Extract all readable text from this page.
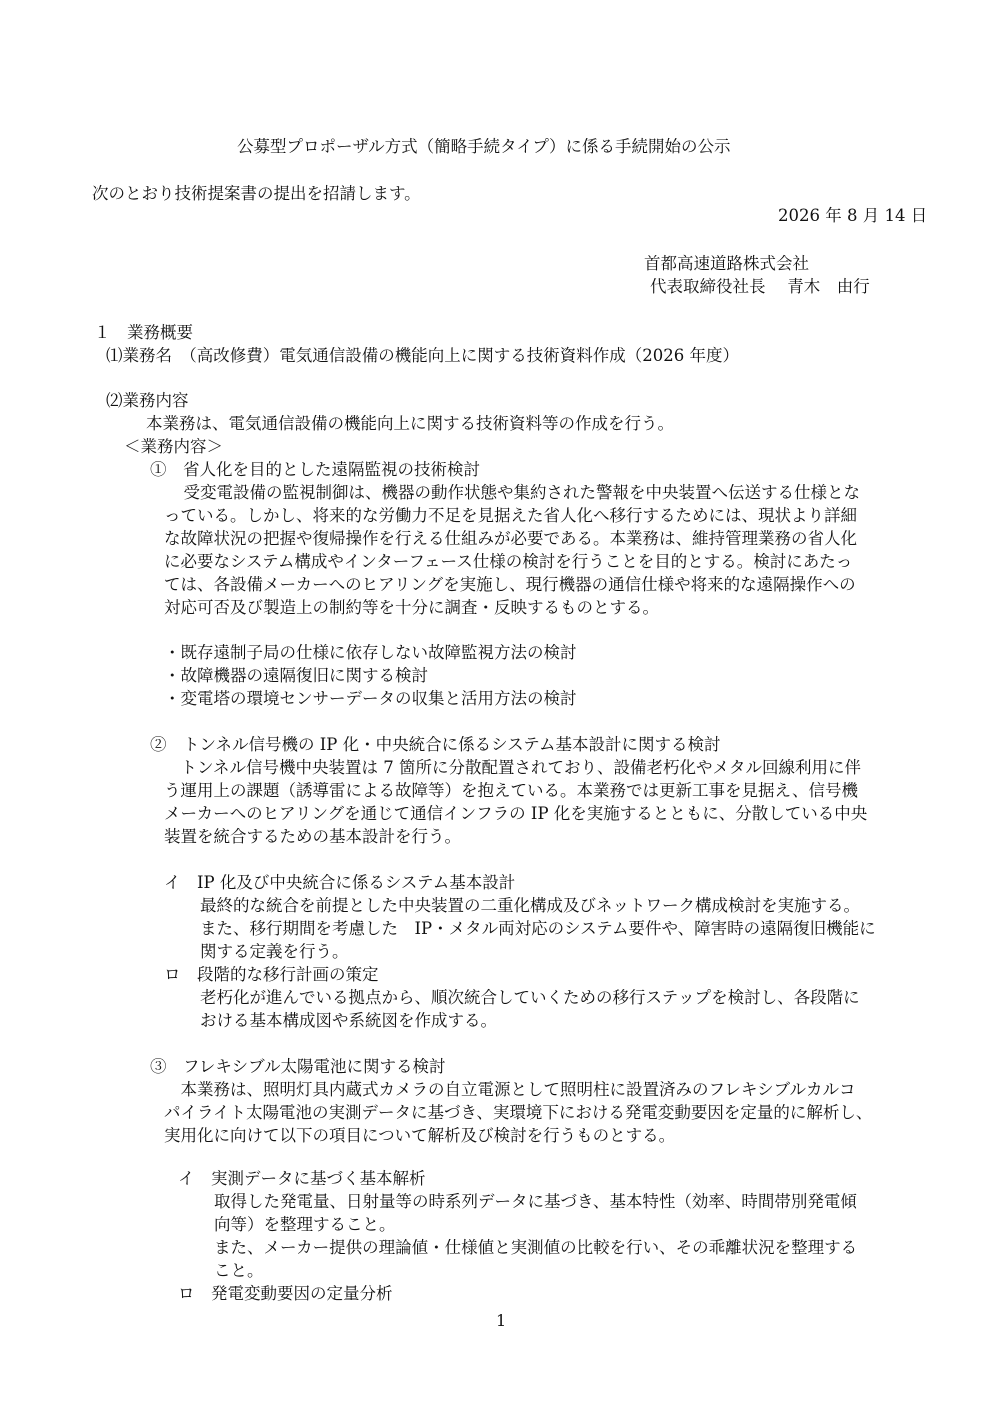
公募型プロポーザル方式（簡略手続タイプ）に係る手続開始の公示
次のとおり技術提案書の提出を招請します。
2026 年 8 月 14 日
首都高速道路株式会社
代表取締役社長　 青木　由行
１　業務概要
⑴業務名　（高改修費）電気通信設備の機能向上に関する技術資料作成（2026 年度）
⑵業務内容
本業務は、電気通信設備の機能向上に関する技術資料等の作成を行う。
＜業務内容＞
①　省人化を目的とした遠隔監視の技術検討
　受変電設備の監視制御は、機器の動作状態や集約された警報を中央装置へ伝送する仕様とな
っている。しかし、将来的な労働力不足を見据えた省人化へ移行するためには、現状より詳細
な故障状況の把握や復帰操作を行える仕組みが必要である。本業務は、維持管理業務の省人化
に必要なシステム構成やインターフェース仕様の検討を行うことを目的とする。検討にあたっ
ては、各設備メーカーへのヒアリングを実施し、現行機器の通信仕様や将来的な遠隔操作への
対応可否及び製造上の制約等を十分に調査・反映するものとする。
・既存遠制子局の仕様に依存しない故障監視方法の検討
・故障機器の遠隔復旧に関する検討
・変電塔の環境センサーデータの収集と活用方法の検討
②　トンネル信号機の IP 化・中央統合に係るシステム基本設計に関する検討
　トンネル信号機中央装置は 7 箇所に分散配置されており、設備老朽化やメタル回線利用に伴
う運用上の課題（誘導雷による故障等）を抱えている。本業務では更新工事を見据え、信号機
メーカーへのヒアリングを通じて通信インフラの IP 化を実施するとともに、分散している中央
装置を統合するための基本設計を行う。
イ　IP 化及び中央統合に係るシステム基本設計
最終的な統合を前提とした中央装置の二重化構成及びネットワーク構成検討を実施する。
また、移行期間を考慮した　IP・メタル両対応のシステム要件や、障害時の遠隔復旧機能に
関する定義を行う。
ロ　段階的な移行計画の策定
老朽化が進んでいる拠点から、順次統合していくための移行ステップを検討し、各段階に
おける基本構成図や系統図を作成する。
③　フレキシブル太陽電池に関する検討
　本業務は、照明灯具内蔵式カメラの自立電源として照明柱に設置済みのフレキシブルカルコ
パイライト太陽電池の実測データに基づき、実環境下における発電変動要因を定量的に解析し、
実用化に向けて以下の項目について解析及び検討を行うものとする。
イ　実測データに基づく基本解析
取得した発電量、日射量等の時系列データに基づき、基本特性（効率、時間帯別発電傾
向等）を整理すること。
また、メーカー提供の理論値・仕様値と実測値の比較を行い、その乖離状況を整理する
こと。
ロ　発電変動要因の定量分析
1
